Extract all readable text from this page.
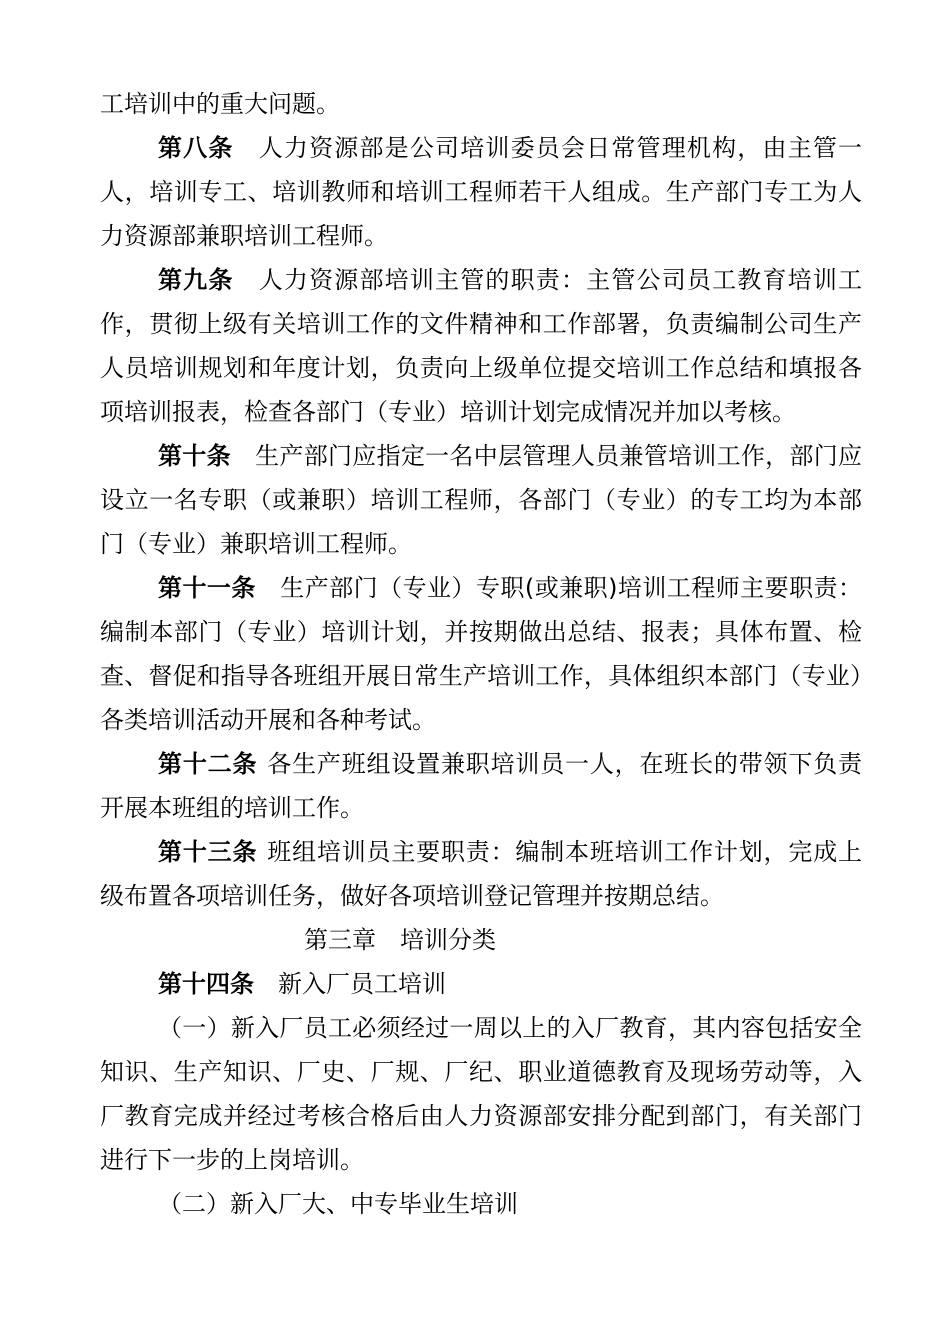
工培训中的重大问题。

第八条 人力资源部是公司培训委员会日常管理机构，由主管一人，培训专工、培训教师和培训工程师若干人组成。生产部门专工为人力资源部兼职培训工程师。

第九条 人力资源部培训主管的职责：主管公司员工教育培训工作，贯彻上级有关培训工作的文件精神和工作部署，负责编制公司生产人员培训规划和年度计划，负责向上级单位提交培训工作总结和填报各项培训报表，检查各部门（专业）培训计划完成情况并加以考核。

第十条 生产部门应指定一名中层管理人员兼管培训工作，部门应设立一名专职（或兼职）培训工程师，各部门（专业）的专工均为本部门（专业）兼职培训工程师。

第十一条 生产部门（专业）专职(或兼职)培训工程师主要职责：编制本部门（专业）培训计划，并按期做出总结、报表；具体布置、检查、督促和指导各班组开展日常生产培训工作，具体组织本部门（专业）各类培训活动开展和各种考试。

第十二条 各生产班组设置兼职培训员一人，在班长的带领下负责开展本班组的培训工作。

第十三条 班组培训员主要职责：编制本班培训工作计划，完成上级布置各项培训任务，做好各项培训登记管理并按期总结。

第三章 培训分类

第十四条 新入厂员工培训

（一）新入厂员工必须经过一周以上的入厂教育，其内容包括安全知识、生产知识、厂史、厂规、厂纪、职业道德教育及现场劳动等，入厂教育完成并经过考核合格后由人力资源部安排分配到部门，有关部门进行下一步的上岗培训。

（二）新入厂大、中专毕业生培训
